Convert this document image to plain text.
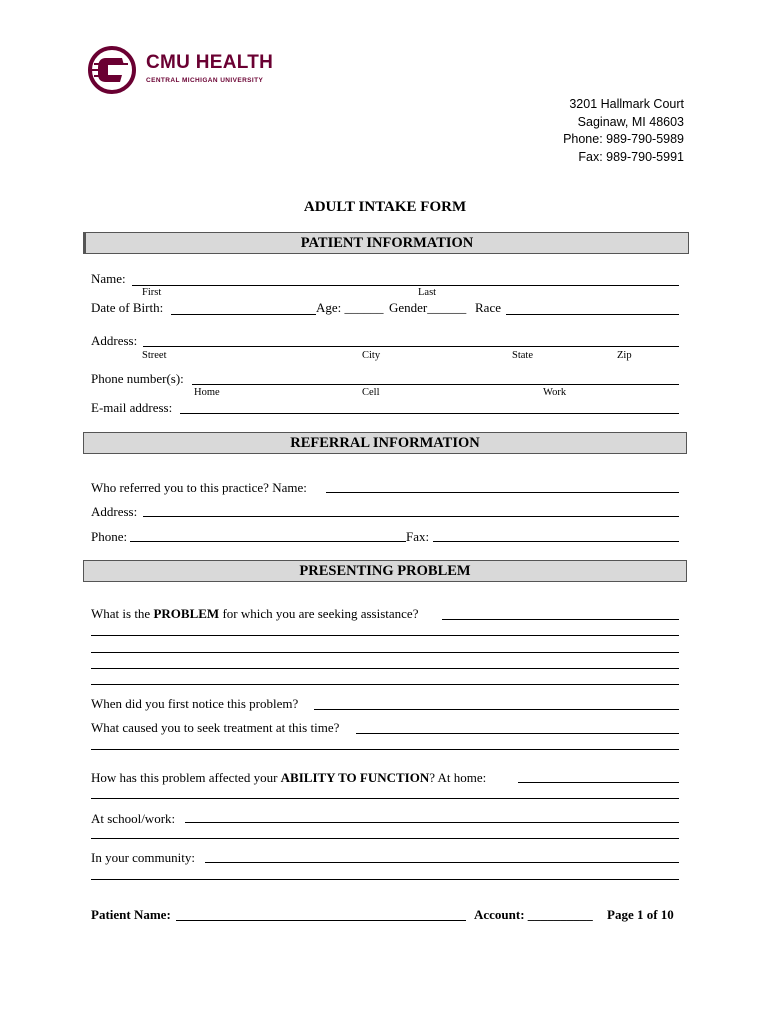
CMU HEALTH
CENTRAL MICHIGAN UNIVERSITY
3201 Hallmark Court
Saginaw, MI 48603
Phone: 989-790-5989
Fax: 989-790-5991
ADULT INTAKE FORM
PATIENT INFORMATION
Name:
First	Last
Date of Birth:	Age: ______ Gender______ Race
Address:
Street	City	State	Zip
Phone number(s):
Home	Cell	Work
E-mail address:
REFERRAL INFORMATION
Who referred you to this practice? Name:
Address:
Phone:	Fax:
PRESENTING PROBLEM
What is the PROBLEM for which you are seeking assistance?
When did you first notice this problem?
What caused you to seek treatment at this time?
How has this problem affected your ABILITY TO FUNCTION? At home:
At school/work:
In your community:
Patient Name:	Account: __________ Page 1 of 10
